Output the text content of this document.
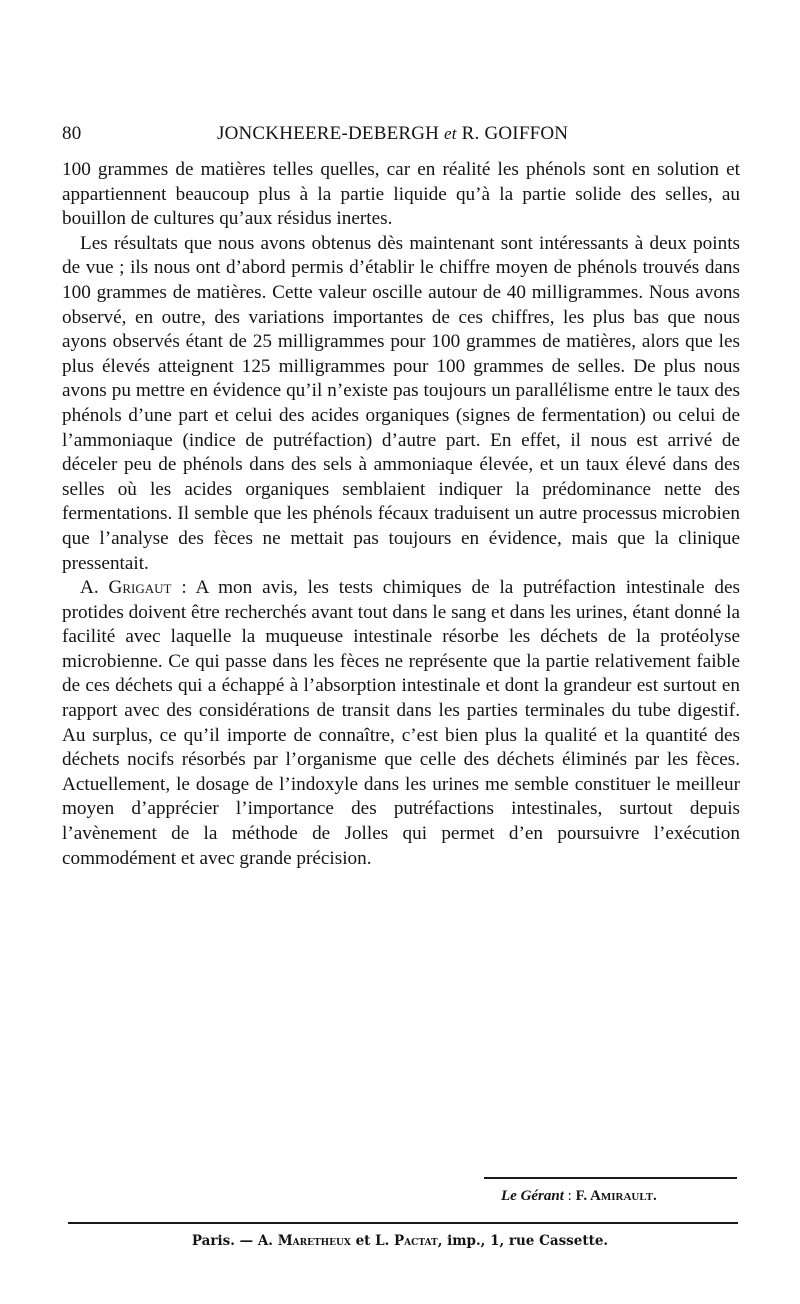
80	JONCKHEERE-DEBERGH et R. GOIFFON

100 grammes de matières telles quelles, car en réalité les phénols sont en solution et appartiennent beaucoup plus à la partie liquide qu’à la partie solide des selles, au bouillon de cultures qu’aux résidus inertes.

Les résultats que nous avons obtenus dès maintenant sont intéressants à deux points de vue ; ils nous ont d’abord permis d’établir le chiffre moyen de phénols trouvés dans 100 grammes de matières. Cette valeur oscille autour de 40 milligrammes. Nous avons observé, en outre, des variations importantes de ces chiffres, les plus bas que nous ayons observés étant de 25 milligrammes pour 100 grammes de matières, alors que les plus élevés atteignent 125 milligrammes pour 100 grammes de selles. De plus nous avons pu mettre en évidence qu’il n’existe pas toujours un parallélisme entre le taux des phénols d’une part et celui des acides organiques (signes de fermentation) ou celui de l’ammoniaque (indice de putréfaction) d’autre part. En effet, il nous est arrivé de déceler peu de phénols dans des sels à ammoniaque élevée, et un taux élevé dans des selles où les acides organiques semblaient indiquer la prédominance nette des fermentations. Il semble que les phénols fécaux traduisent un autre processus microbien que l’analyse des fèces ne mettait pas toujours en évidence, mais que la clinique pressentait.

A. Grigaut : A mon avis, les tests chimiques de la putréfaction intestinale des protides doivent être recherchés avant tout dans le sang et dans les urines, étant donné la facilité avec laquelle la muqueuse intestinale résorbe les déchets de la protéolyse microbienne. Ce qui passe dans les fèces ne représente que la partie relativement faible de ces déchets qui a échappé à l’absorption intestinale et dont la grandeur est surtout en rapport avec des considérations de transit dans les parties terminales du tube digestif. Au surplus, ce qu’il importe de connaître, c’est bien plus la qualité et la quantité des déchets nocifs résorbés par l’organisme que celle des déchets éliminés par les fèces. Actuellement, le dosage de l’indoxyle dans les urines me semble constituer le meilleur moyen d’apprécier l’importance des putréfactions intestinales, surtout depuis l’avènement de la méthode de Jolles qui permet d’en poursuivre l’exécution commodément et avec grande précision.

Le Gérant : F. Amirault.
Paris. — A. Maretheux et L. Pactat, imp., 1, rue Cassette.
